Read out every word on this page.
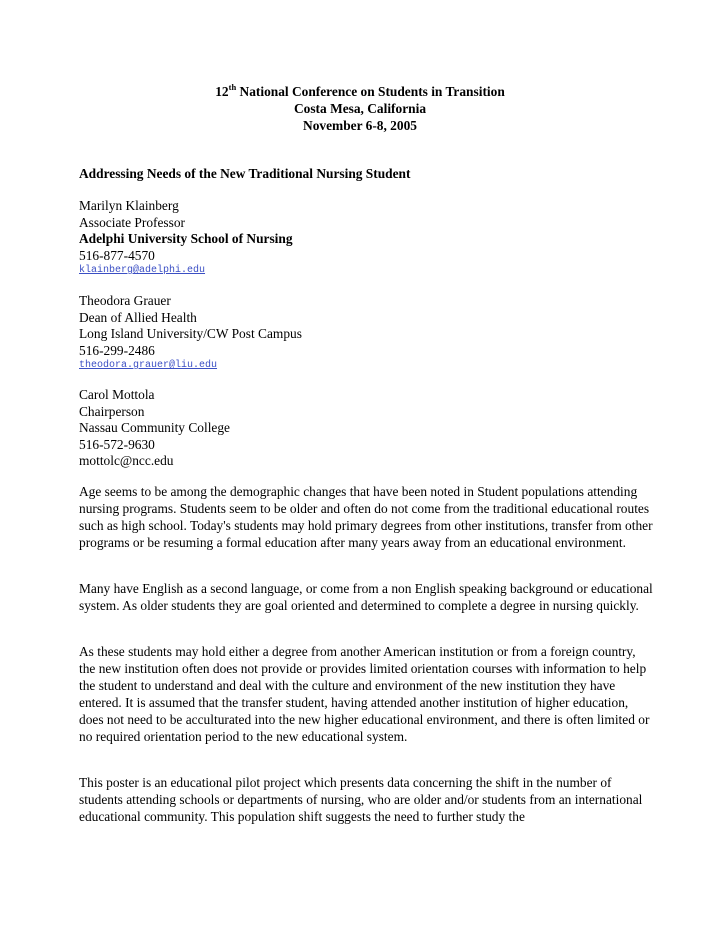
12th National Conference on Students in Transition
Costa Mesa, California
November 6-8, 2005
Addressing Needs of the New Traditional Nursing Student
Marilyn Klainberg
Associate Professor
Adelphi University School of Nursing
516-877-4570
klainberg@adelphi.edu
Theodora Grauer
Dean of Allied Health
Long Island University/CW Post Campus
516-299-2486
theodora.grauer@liu.edu
Carol Mottola
Chairperson
Nassau Community College
516-572-9630
mottolc@ncc.edu

Age seems to be among the demographic changes that have been noted in Student populations attending nursing programs. Students seem to be older and often do not come from the traditional educational routes such as high school. Today's students may hold primary degrees from other institutions, transfer from other programs or be resuming a formal education after many years away from an educational environment.

Many have English as a second language, or come from a non English speaking background or educational system. As older students they are goal oriented and determined to complete a degree in nursing quickly.

As these students may hold either a degree from another American institution or from a foreign country, the new institution often does not provide or provides limited orientation courses with information to help the student to understand and deal with the culture and environment of the new institution they have entered. It is assumed that the transfer student, having attended another institution of higher education, does not need to be acculturated into the new higher educational environment, and there is often limited or no required orientation period to the new educational system.

This poster is an educational pilot project which presents data concerning the shift in the number of students attending schools or departments of nursing, who are older and/or students from an international educational community. This population shift suggests the need to further study the
